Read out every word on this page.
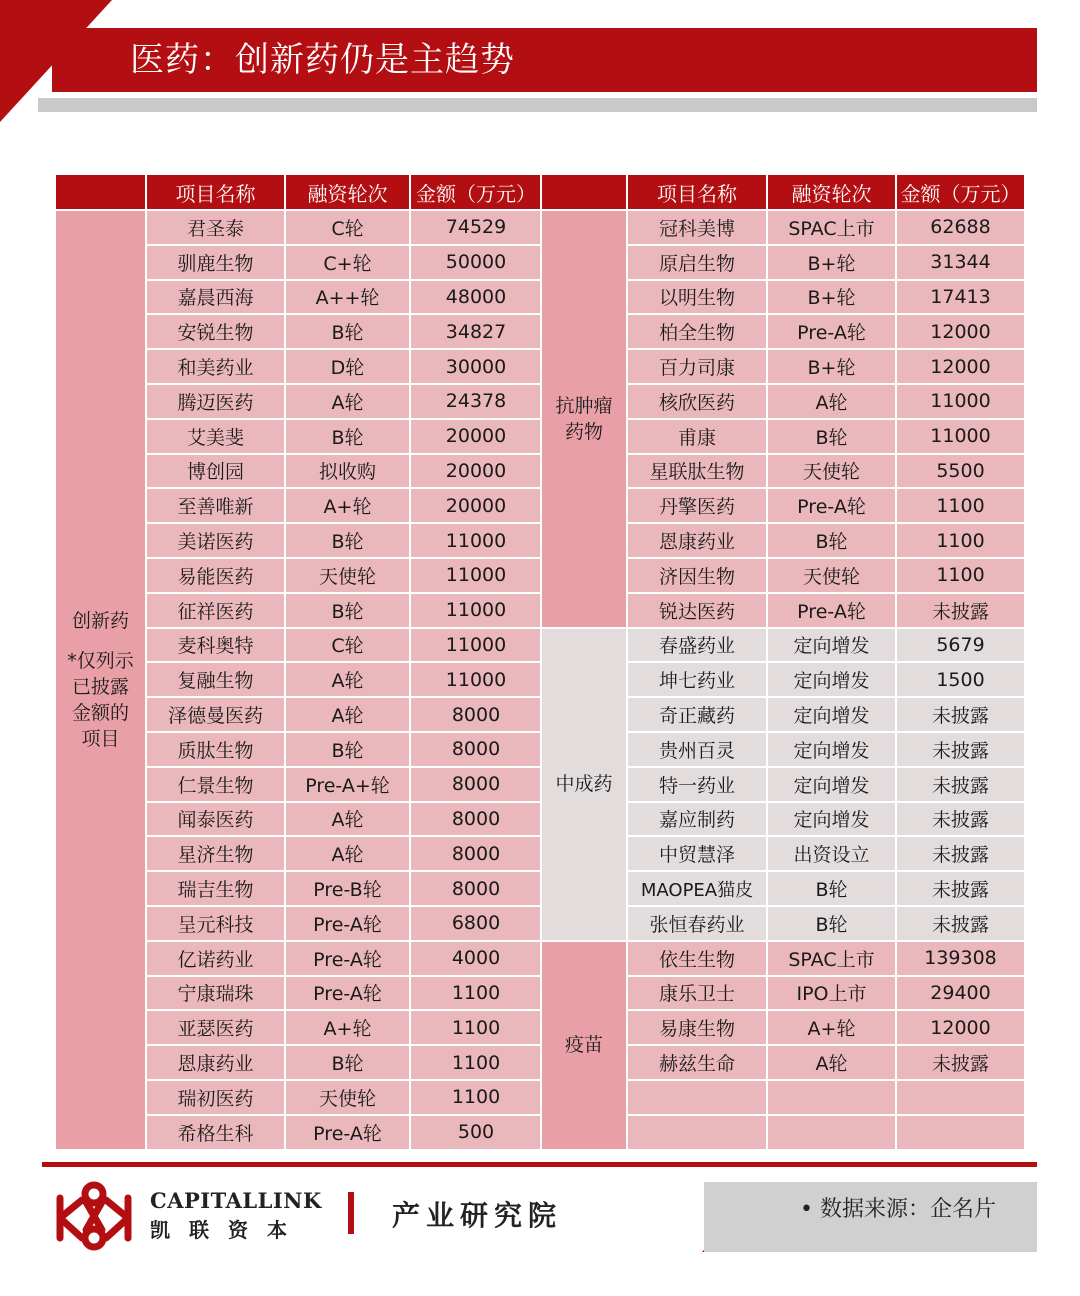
医药：创新药仍是主趋势
	项目名称	融资轮次	金额（万元）

创新药
*仅列示已披露金额的项目	君圣泰	C轮	74529
	驯鹿生物	C+轮	50000
	嘉晨西海	A++轮	48000
	安锐生物	B轮	34827
	和美药业	D轮	30000
	腾迈医药	A轮	24378
	艾美斐	B轮	20000
	博创园	拟收购	20000
	至善唯新	A+轮	20000
	美诺医药	B轮	11000
	易能医药	天使轮	11000
	征祥医药	B轮	11000
	麦科奥特	C轮	11000
	复融生物	A轮	11000
	泽德曼医药	A轮	8000
	质肽生物	B轮	8000
	仁景生物	Pre-A+轮	8000
	闻泰医药	A轮	8000
	星济生物	A轮	8000
	瑞吉生物	Pre-B轮	8000
	呈元科技	Pre-A轮	6800
	亿诺药业	Pre-A轮	4000
	宁康瑞珠	Pre-A轮	1100
	亚瑟医药	A+轮	1100
	恩康药业	B轮	1100
	瑞初医药	天使轮	1100
	希格生科	Pre-A轮	500
	项目名称	融资轮次	金额（万元）

抗肿瘤药物	冠科美博	SPAC上市	62688
	原启生物	B+轮	31344
	以明生物	B+轮	17413
	柏全生物	Pre-A轮	12000
	百力司康	B+轮	12000
	核欣医药	A轮	11000
	甫康	B轮	11000
	星联肽生物	天使轮	5500
	丹擎医药	Pre-A轮	1100
	恩康药业	B轮	1100
	济因生物	天使轮	1100
	锐达医药	Pre-A轮	未披露

中成药	春盛药业	定向增发	5679
	坤七药业	定向增发	1500
	奇正藏药	定向增发	未披露
	贵州百灵	定向增发	未披露
	特一药业	定向增发	未披露
	嘉应制药	定向增发	未披露
	中贸慧泽	出资设立	未披露
	MAOPEA猫皮	B轮	未披露
	张恒春药业	B轮	未披露

疫苗	依生生物	SPAC上市	139308
	康乐卫士	IPO上市	29400
	易康生物	A+轮	12000
	赫兹生命	A轮	未披露

CAPITALLINK
凯联资本	产业研究院	• 数据来源：企名片
